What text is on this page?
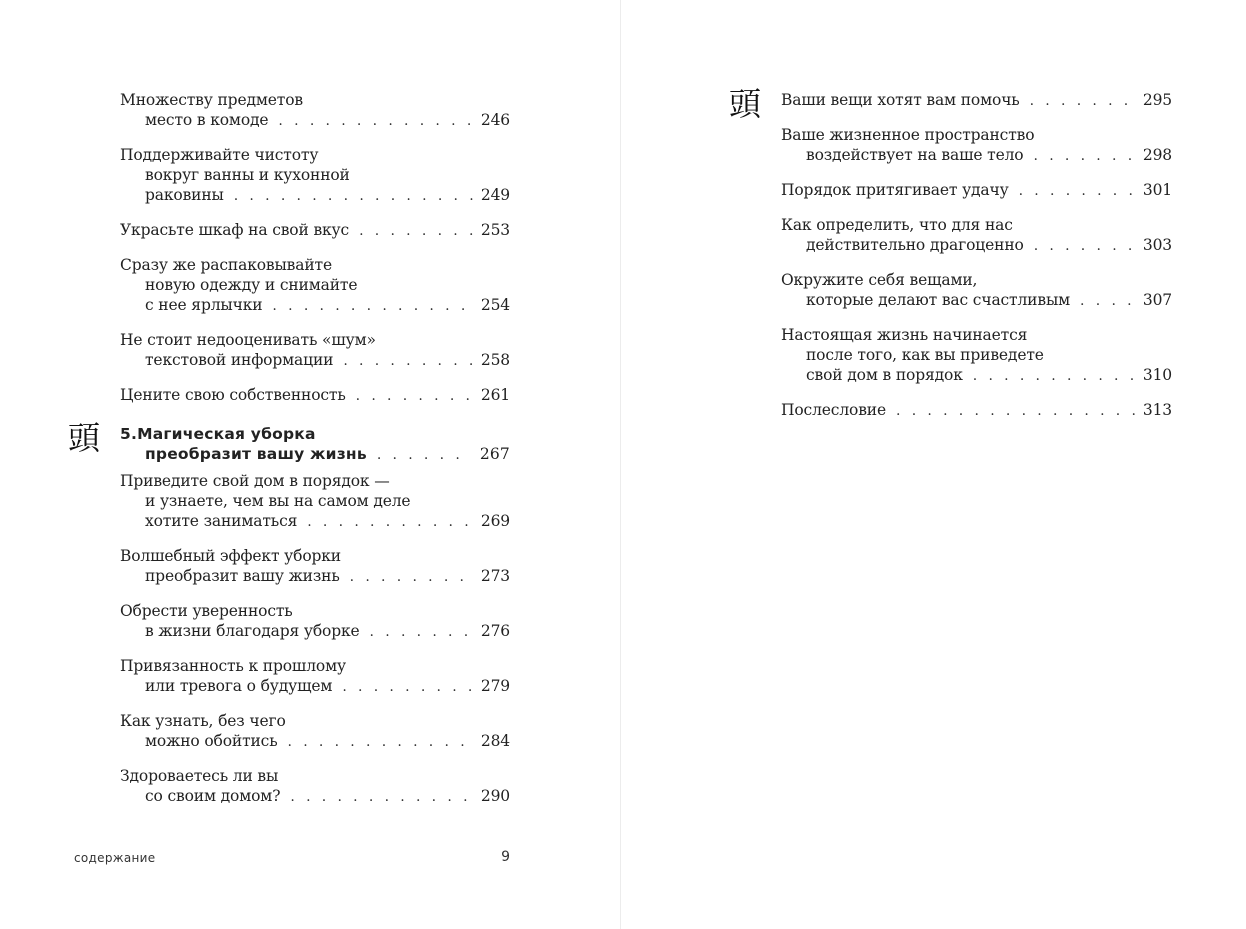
Множеству предметов
место в комоде . . .	246
Поддерживайте чистоту
вокруг ванны и кухонной
раковины . . .	249
Украсьте шкаф на свой вкус . . .	253
Сразу же распаковывайте
новую одежду и снимайте
с нее ярлычки . . .	254
Не стоит недооценивать «шум»
текстовой информации . . .	258
Цените свою собственность . . .	261
頭 5.Магическая уборка
преобразит вашу жизнь . . .	267
Приведите свой дом в порядок —
и узнаете, чем вы на самом деле
хотите заниматься . . .	269
Волшебный эффект уборки
преобразит вашу жизнь . . .	273
Обрести уверенность
в жизни благодаря уборке . . .	276
Привязанность к прошлому
или тревога о будущем . . .	279
Как узнать, без чего
можно обойтись . . .	284
Здороваетесь ли вы
со своим домом? . . .	290
содержание	9
Ваши вещи хотят вам помочь . . .	295
Ваше жизненное пространство
воздействует на ваше тело . . .	298
Порядок притягивает удачу . . .	301
Как определить, что для нас
действительно драгоценно . . .	303
Окружите себя вещами,
которые делают вас счастливым . . .	307
Настоящая жизнь начинается
после того, как вы приведете
свой дом в порядок . . .	310
頭
Послесловие . . .	313
